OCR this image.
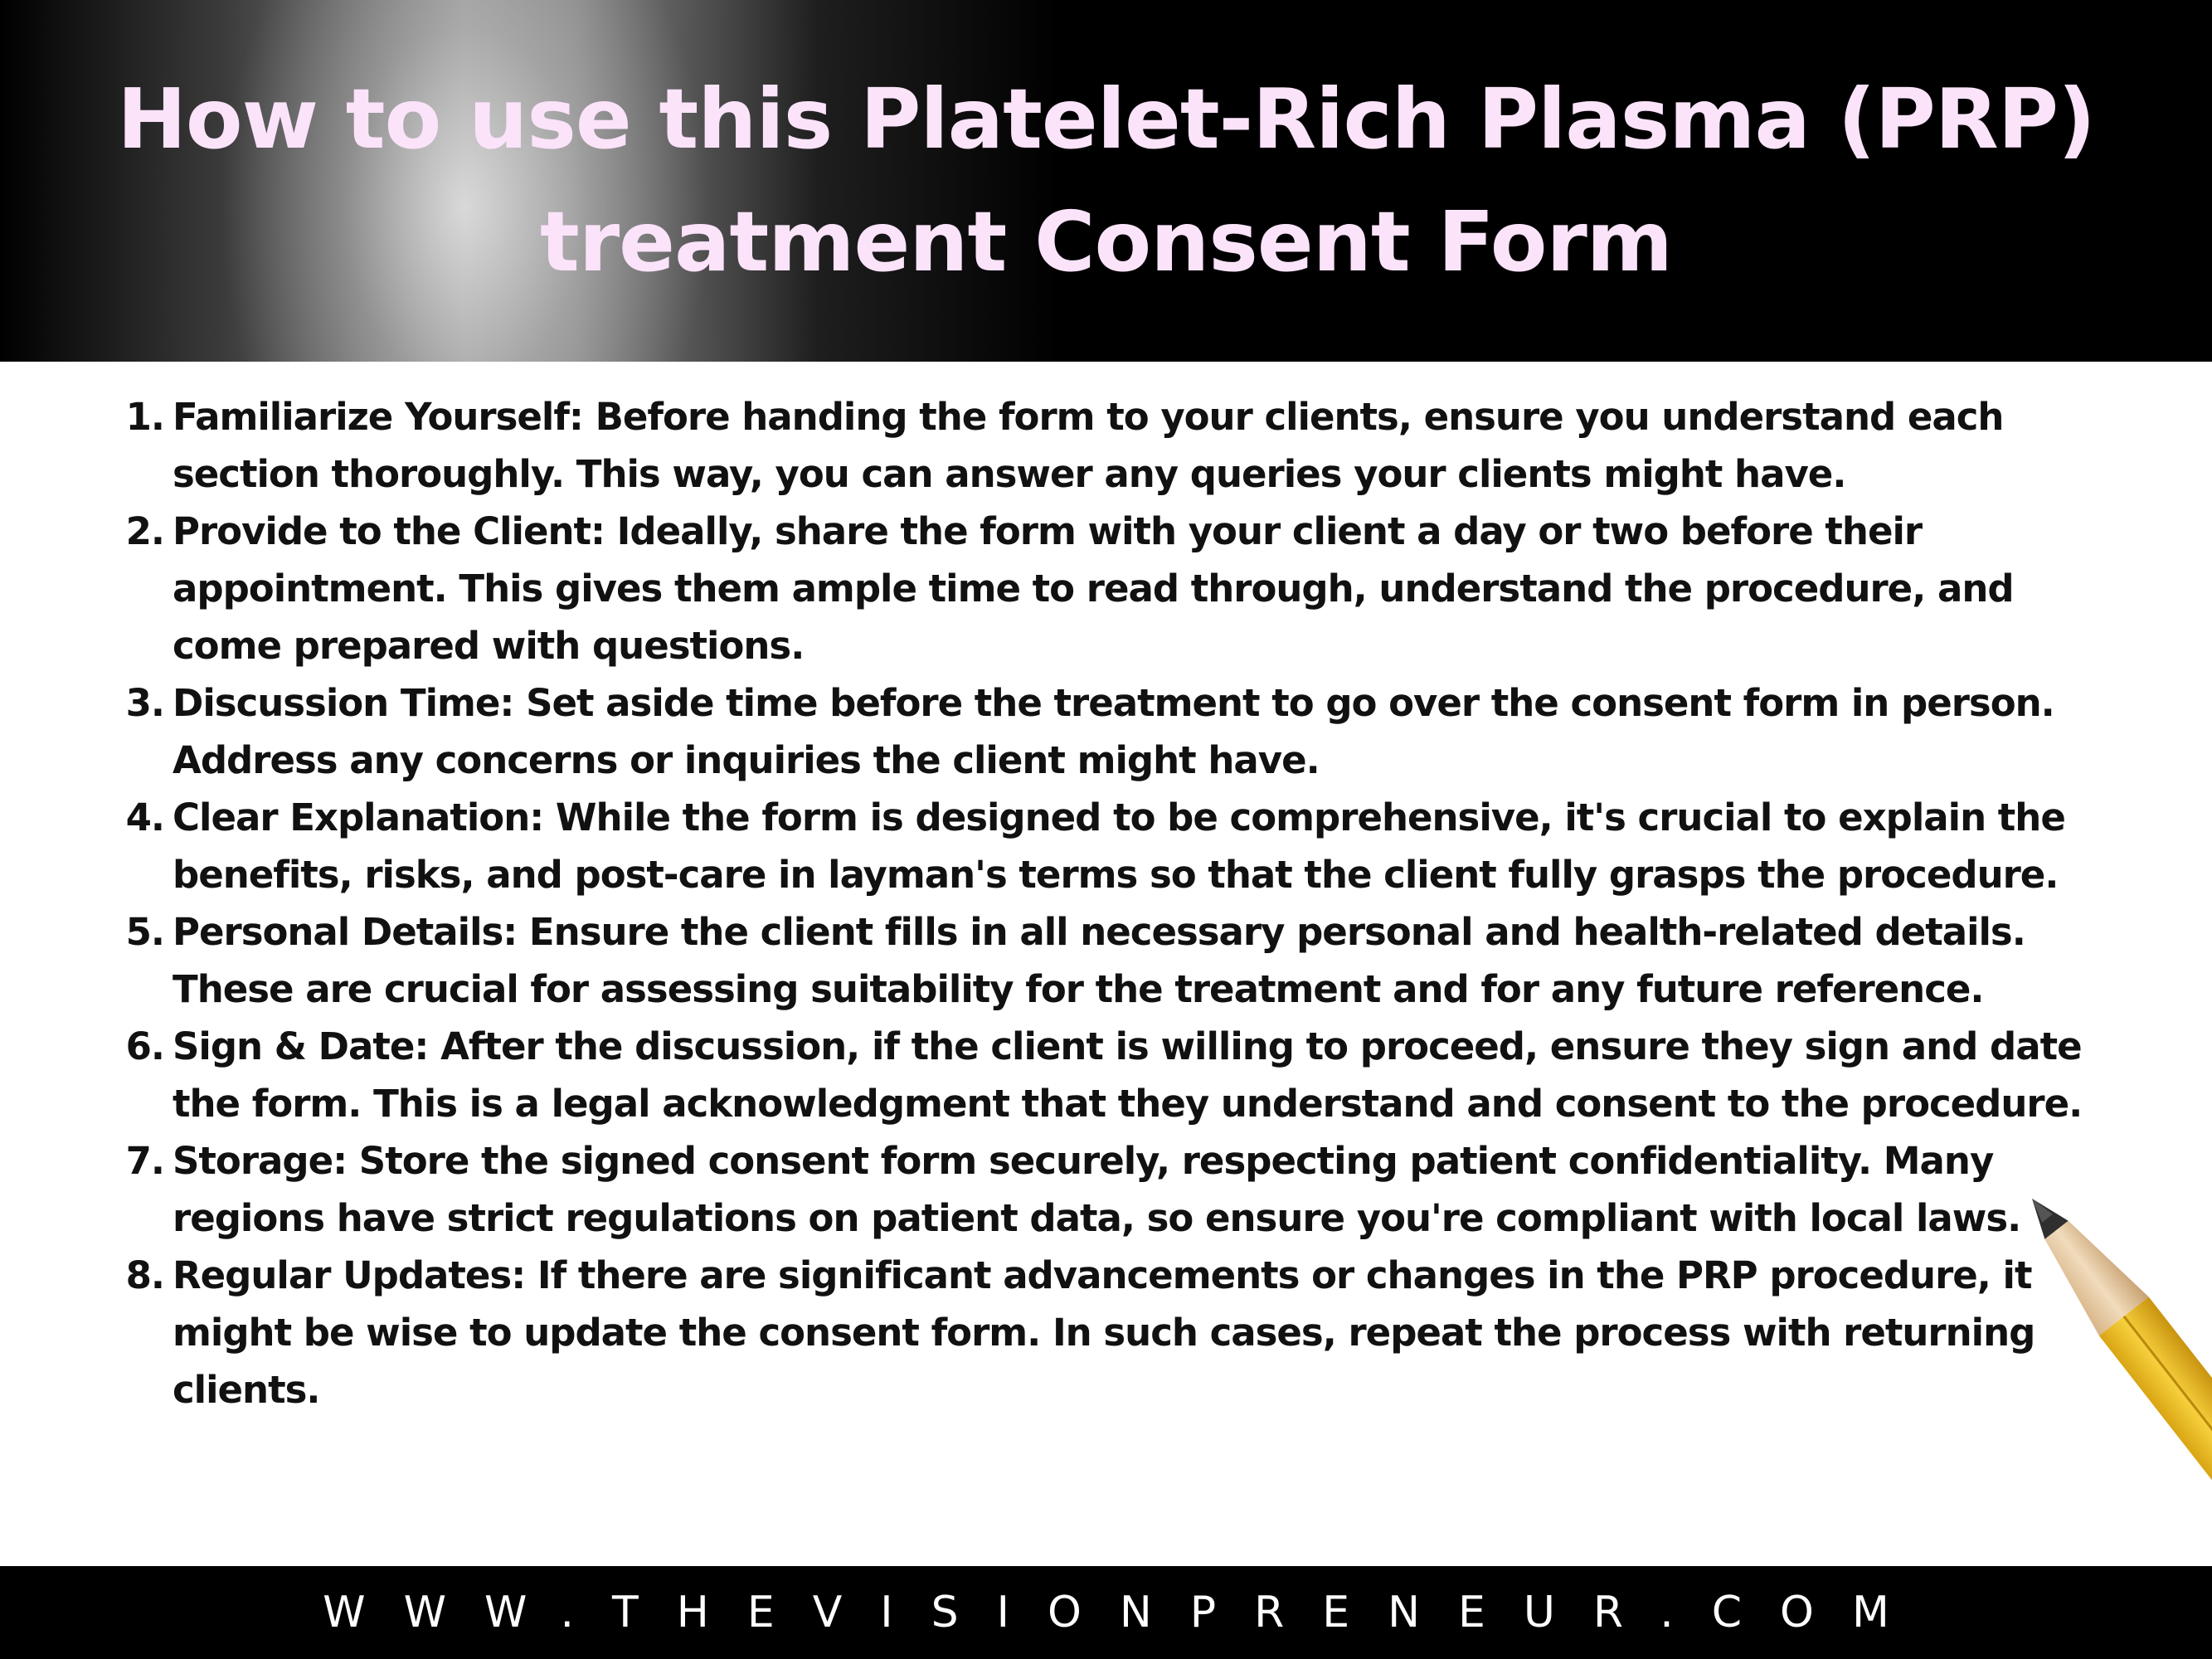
How to use this Platelet-Rich Plasma (PRP) treatment Consent Form
1. Familiarize Yourself: Before handing the form to your clients, ensure you understand each section thoroughly. This way, you can answer any queries your clients might have.
2. Provide to the Client: Ideally, share the form with your client a day or two before their appointment. This gives them ample time to read through, understand the procedure, and come prepared with questions.
3. Discussion Time: Set aside time before the treatment to go over the consent form in person. Address any concerns or inquiries the client might have.
4. Clear Explanation: While the form is designed to be comprehensive, it's crucial to explain the benefits, risks, and post-care in layman's terms so that the client fully grasps the procedure.
5. Personal Details: Ensure the client fills in all necessary personal and health-related details. These are crucial for assessing suitability for the treatment and for any future reference.
6. Sign & Date: After the discussion, if the client is willing to proceed, ensure they sign and date the form. This is a legal acknowledgment that they understand and consent to the procedure.
7. Storage: Store the signed consent form securely, respecting patient confidentiality. Many regions have strict regulations on patient data, so ensure you're compliant with local laws.
8. Regular Updates: If there are significant advancements or changes in the PRP procedure, it might be wise to update the consent form. In such cases, repeat the process with returning clients.
WWW.THEVISIONPRENEUR.COM
